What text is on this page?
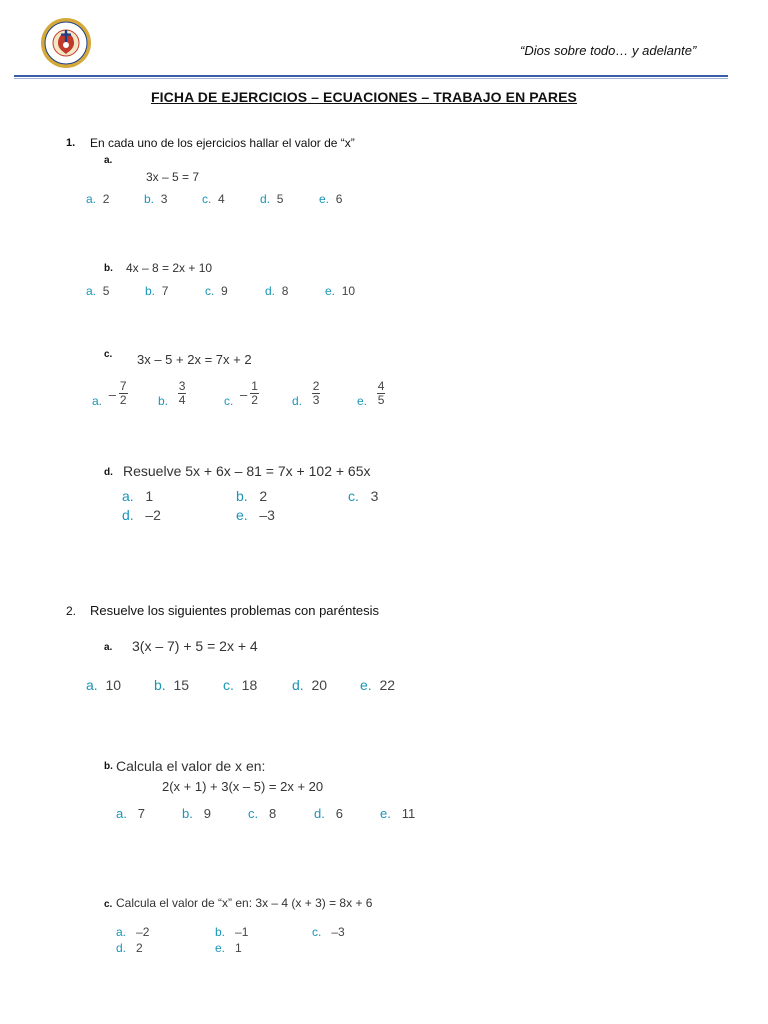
“Dios sobre todo… y adelante”
FICHA DE EJERCICIOS – ECUACIONES – TRABAJO EN PARES
1. En cada uno de los ejercicios hallar el valor de “x”
a.
3x – 5 = 7
a. 2	b. 3	c. 4	d. 5	e. 6
b. 4x – 8 = 2x + 10
a. 5	b. 7	c. 9	d. 8	e. 10
c. 3x – 5 + 2x = 7x + 2
a. – $\frac{7}{2}$	b. $\frac{3}{4}$	c. – $\frac{1}{2}$	d. $\frac{2}{3}$	e. $\frac{4}{5}$
d. Resuelve 5x + 6x – 81 = 7x + 102 + 65x
a. 1	b. 2	c. 3
d. –2	e. –3
2. Resuelve los siguientes problemas con paréntesis
a. 3(x – 7) + 5 = 2x + 4
a. 10 b. 15 c. 18 d. 20 e. 22
b. Calcula el valor de x en:
2(x + 1) + 3(x – 5) = 2x + 20
a. 7	b. 9	c. 8	d. 6	e. 11
c. Calcula el valor de “x” en: 3x – 4 (x + 3) = 8x + 6
a. –2	b. –1	c. –3
d. 2	e. 1
